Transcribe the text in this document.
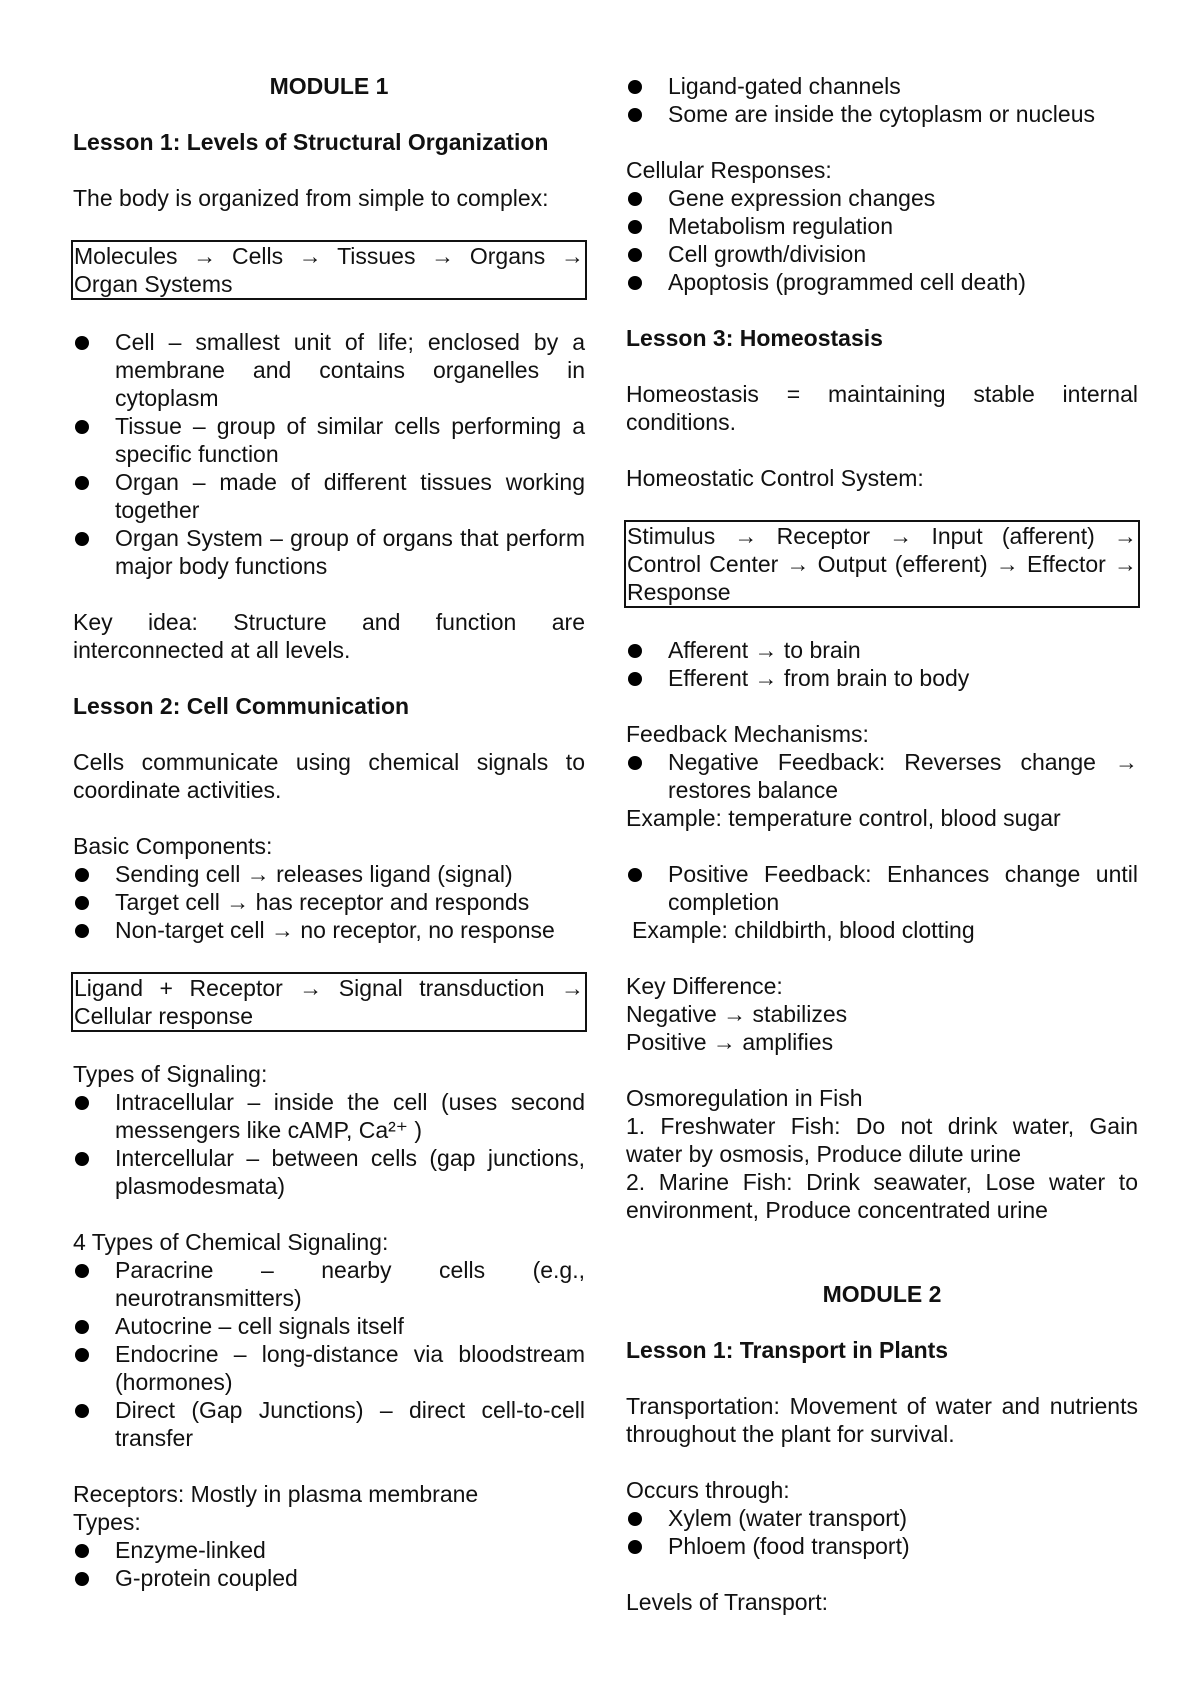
MODULE 1
Lesson 1: Levels of Structural Organization
The body is organized from simple to complex:
Molecules → Cells → Tissues → Organs → Organ Systems
Cell – smallest unit of life; enclosed by a membrane and contains organelles in cytoplasm
Tissue – group of similar cells performing a specific function
Organ – made of different tissues working together
Organ System – group of organs that perform major body functions
Key idea: Structure and function are interconnected at all levels.
Lesson 2: Cell Communication
Cells communicate using chemical signals to coordinate activities.
Basic Components:
Sending cell → releases ligand (signal)
Target cell → has receptor and responds
Non-target cell → no receptor, no response
Ligand + Receptor → Signal transduction → Cellular response
Types of Signaling:
Intracellular – inside the cell (uses second messengers like cAMP, Ca²⁺ )
Intercellular – between cells (gap junctions, plasmodesmata)
4 Types of Chemical Signaling:
Paracrine – nearby cells (e.g., neurotransmitters)
Autocrine – cell signals itself
Endocrine – long-distance via bloodstream (hormones)
Direct (Gap Junctions) – direct cell-to-cell transfer
Receptors: Mostly in plasma membrane
Types:
Enzyme-linked
G-protein coupled
Ligand-gated channels
Some are inside the cytoplasm or nucleus
Cellular Responses:
Gene expression changes
Metabolism regulation
Cell growth/division
Apoptosis (programmed cell death)
Lesson 3: Homeostasis
Homeostasis = maintaining stable internal conditions.
Homeostatic Control System:
Stimulus → Receptor → Input (afferent) → Control Center → Output (efferent) → Effector → Response
Afferent → to brain
Efferent → from brain to body
Feedback Mechanisms:
Negative Feedback: Reverses change → restores balance
Example: temperature control, blood sugar
Positive Feedback: Enhances change until completion
Example: childbirth, blood clotting
Key Difference:
Negative → stabilizes
Positive → amplifies
Osmoregulation in Fish
1. Freshwater Fish: Do not drink water, Gain water by osmosis, Produce dilute urine
2. Marine Fish: Drink seawater, Lose water to environment, Produce concentrated urine
MODULE 2
Lesson 1: Transport in Plants
Transportation: Movement of water and nutrients throughout the plant for survival.
Occurs through:
Xylem (water transport)
Phloem (food transport)
Levels of Transport:
